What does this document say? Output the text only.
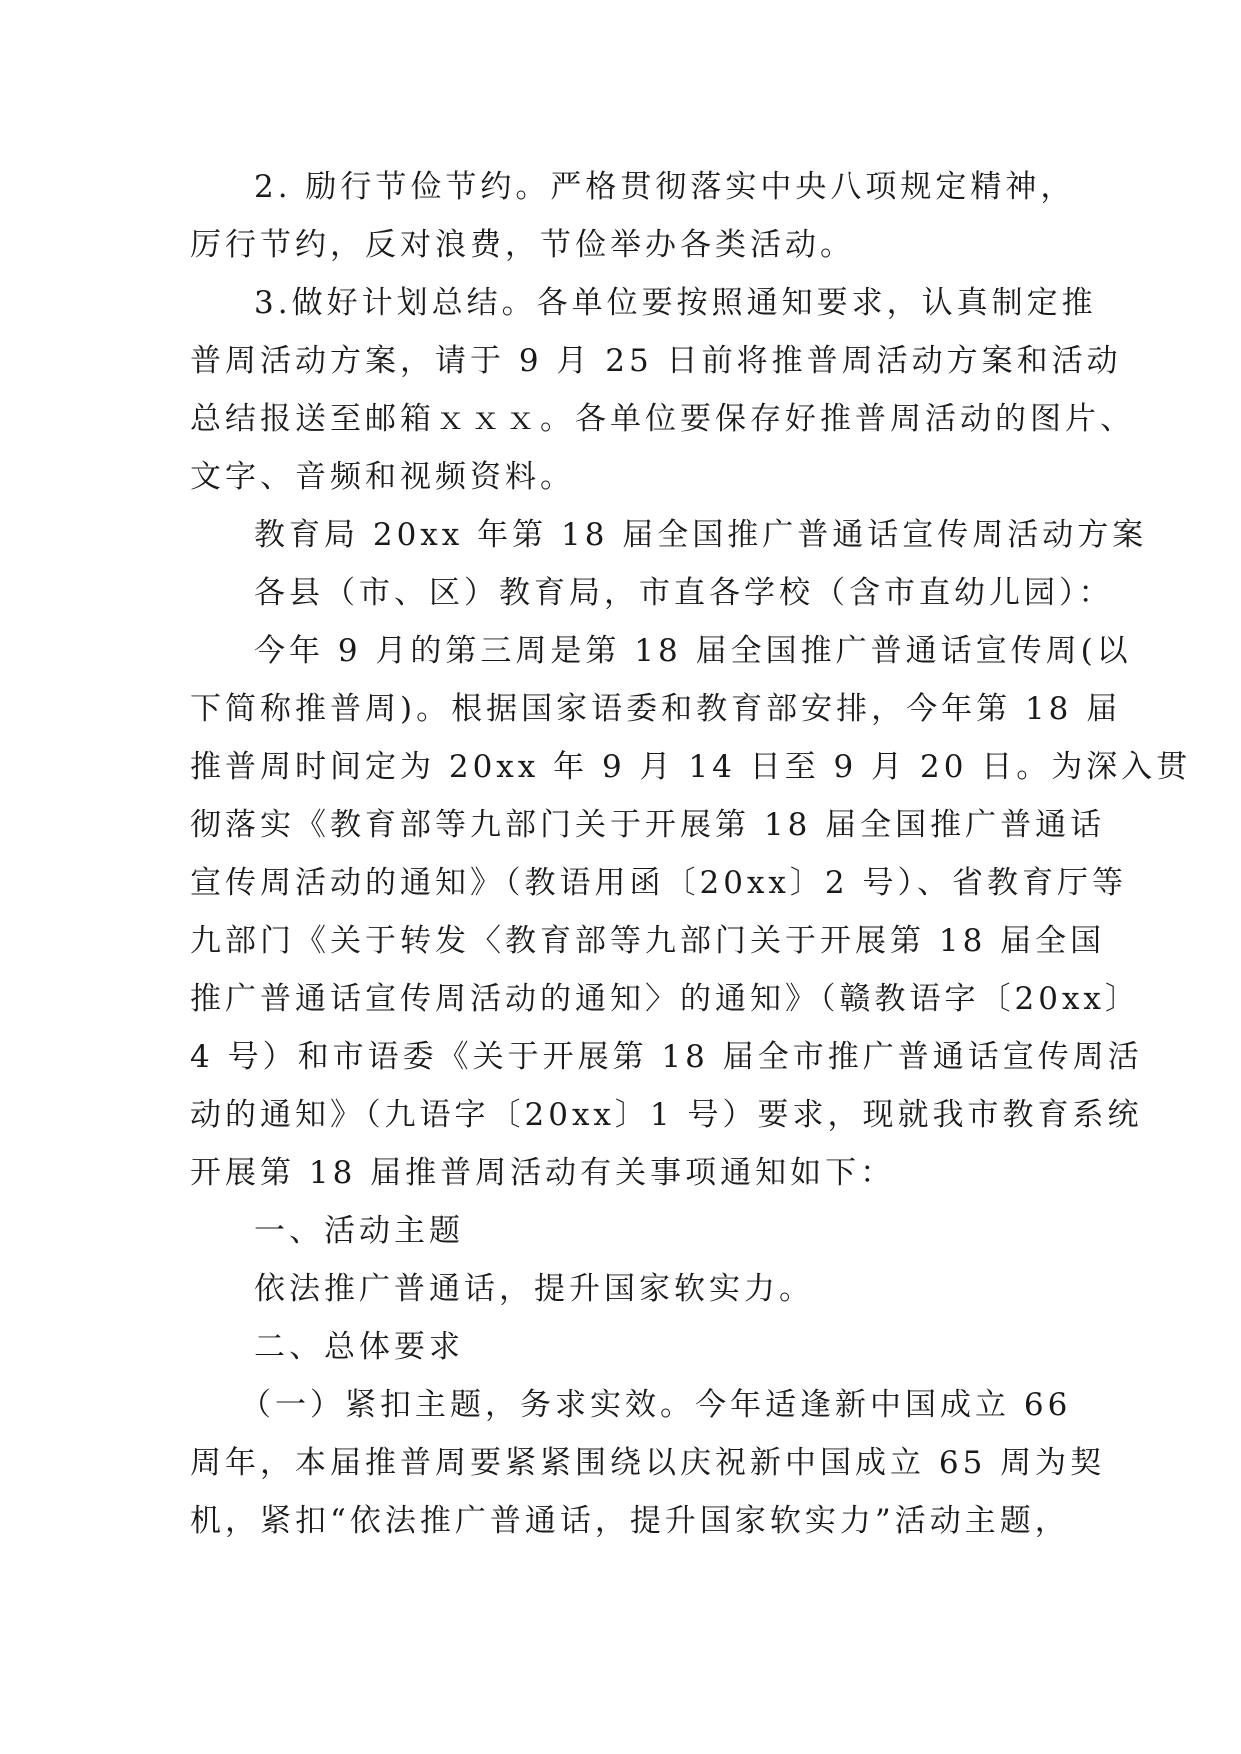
2. 励行节俭节约。严格贯彻落实中央八项规定精神，
厉行节约，反对浪费，节俭举办各类活动。
3.做好计划总结。各单位要按照通知要求，认真制定推
普周活动方案，请于 9 月 25 日前将推普周活动方案和活动
总结报送至邮箱ｘｘｘ。各单位要保存好推普周活动的图片、
文字、音频和视频资料。
教育局 20xx 年第 18 届全国推广普通话宣传周活动方案
各县（市、区）教育局，市直各学校（含市直幼儿园）：
今年 9 月的第三周是第 18 届全国推广普通话宣传周(以
下简称推普周)。根据国家语委和教育部安排，今年第 18 届
推普周时间定为 20xx 年 9 月 14 日至 9 月 20 日。为深入贯
彻落实《教育部等九部门关于开展第 18 届全国推广普通话
宣传周活动的通知》（教语用函〔20xx〕2 号）、省教育厅等
九部门《关于转发〈教育部等九部门关于开展第 18 届全国
推广普通话宣传周活动的通知〉的通知》（赣教语字〔20xx〕
4 号）和市语委《关于开展第 18 届全市推广普通话宣传周活
动的通知》（九语字〔20xx〕1 号）要求，现就我市教育系统
开展第 18 届推普周活动有关事项通知如下：
一、活动主题
依法推广普通话，提升国家软实力。
二、总体要求
（一）紧扣主题，务求实效。今年适逢新中国成立 66
周年，本届推普周要紧紧围绕以庆祝新中国成立 65 周为契
机，紧扣“依法推广普通话，提升国家软实力”活动主题，
